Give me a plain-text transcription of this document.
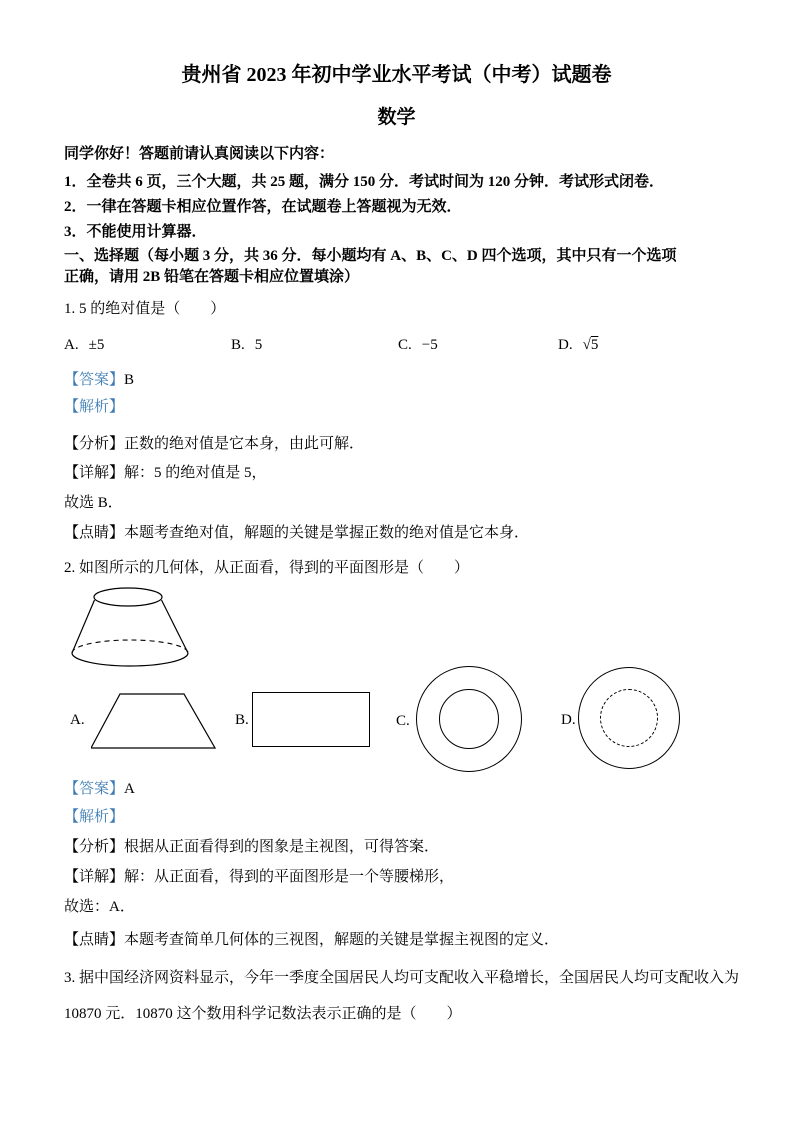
贵州省 2023 年初中学业水平考试（中考）试题卷
数学

同学你好！答题前请认真阅读以下内容：

1．全卷共 6 页，三个大题，共 25 题，满分 150 分．考试时间为 120 分钟．考试形式闭卷．

2．一律在答题卡相应位置作答，在试题卷上答题视为无效．

3．不能使用计算器．

一、选择题（每小题 3 分，共 36 分．每小题均有 A、B、C、D 四个选项，其中只有一个选项

正确，请用 2B 铅笔在答题卡相应位置填涂）

1. 5 的绝对值是（　　）

A. ±5	B. 5	C. −5	D. √5

【答案】B

【解析】

【分析】正数的绝对值是它本身，由此可解．

【详解】解：5 的绝对值是 5，

故选 B．

【点睛】本题考查绝对值，解题的关键是掌握正数的绝对值是它本身．

2. 如图所示的几何体，从正面看，得到的平面图形是（　　）

A.	B.	C.	D.

【答案】A

【解析】

【分析】根据从正面看得到的图象是主视图，可得答案．

【详解】解：从正面看，得到的平面图形是一个等腰梯形，

故选：A．

【点睛】本题考查简单几何体的三视图，解题的关键是掌握主视图的定义．

3. 据中国经济网资料显示，今年一季度全国居民人均可支配收入平稳增长，全国居民人均可支配收入为

10870 元．10870 这个数用科学记数法表示正确的是（　　）
